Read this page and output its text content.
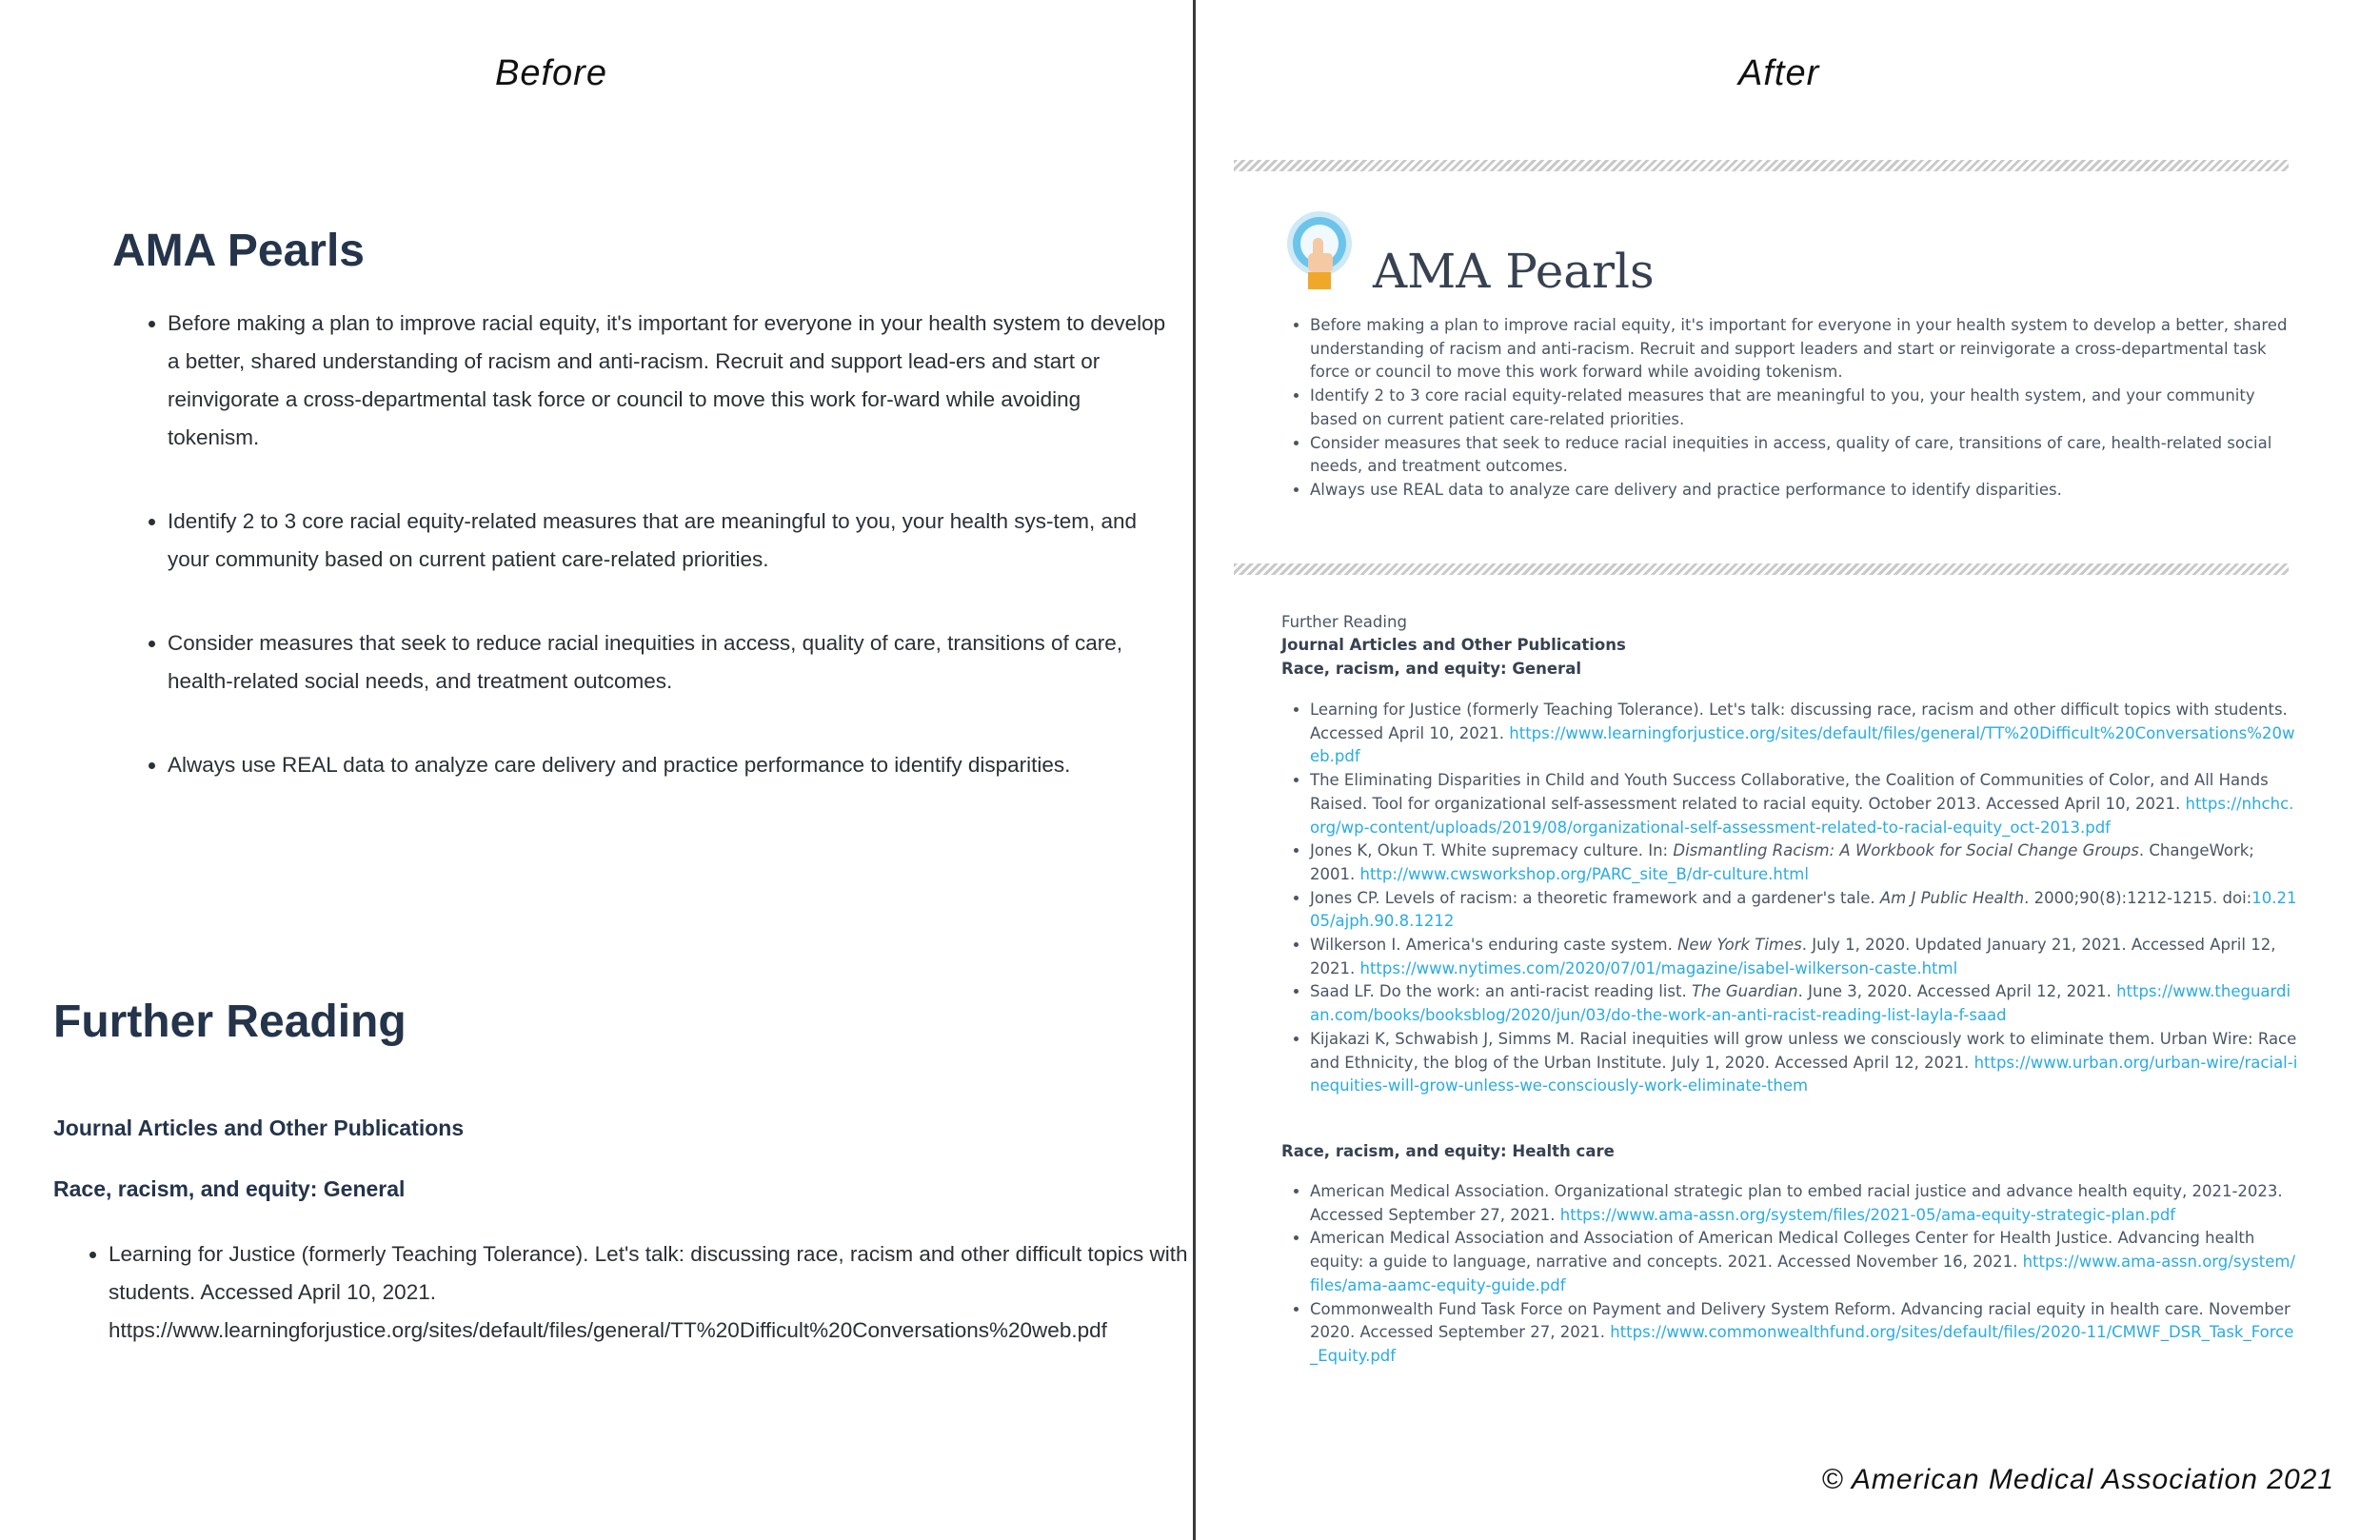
Before	After
AMA Pearls
• Before making a plan to improve racial equity, it's important for everyone in your health system to develop a better, shared understanding of racism and anti-racism. Recruit and support lead-ers and start or reinvigorate a cross-departmental task force or council to move this work for-ward while avoiding tokenism.
• Identify 2 to 3 core racial equity-related measures that are meaningful to you, your health sys-tem, and your community based on current patient care-related priorities.
• Consider measures that seek to reduce racial inequities in access, quality of care, transitions of care, health-related social needs, and treatment outcomes.
• Always use REAL data to analyze care delivery and practice performance to identify disparities.
Further Reading
Journal Articles and Other Publications
Race, racism, and equity: General
• Learning for Justice (formerly Teaching Tolerance). Let's talk: discussing race, racism and other difficult topics with students. Accessed April 10, 2021.
https://www.learningforjustice.org/sites/default/files/general/TT%20Difficult%20Conversations%20web.pdf
AMA Pearls
• Before making a plan to improve racial equity, it's important for everyone in your health system to develop a better, shared understanding of racism and anti-racism. Recruit and support leaders and start or reinvigorate a cross-departmental task force or council to move this work forward while avoiding tokenism.
• Identify 2 to 3 core racial equity-related measures that are meaningful to you, your health system, and your community based on current patient care-related priorities.
• Consider measures that seek to reduce racial inequities in access, quality of care, transitions of care, health-related social needs, and treatment outcomes.
• Always use REAL data to analyze care delivery and practice performance to identify disparities.
Further Reading
Journal Articles and Other Publications
Race, racism, and equity: General
• Learning for Justice (formerly Teaching Tolerance). Let's talk: discussing race, racism and other difficult topics with students. Accessed April 10, 2021. https://www.learningforjustice.org/sites/default/files/general/TT%20Difficult%20Conversations%20web.pdf
• The Eliminating Disparities in Child and Youth Success Collaborative, the Coalition of Communities of Color, and All Hands Raised. Tool for organizational self-assessment related to racial equity. October 2013. Accessed April 10, 2021. https://nhchc.org/wp-content/uploads/2019/08/organizational-self-assessment-related-to-racial-equity_oct-2013.pdf
• Jones K, Okun T. White supremacy culture. In: Dismantling Racism: A Workbook for Social Change Groups. ChangeWork; 2001. http://www.cwsworkshop.org/PARC_site_B/dr-culture.html
• Jones CP. Levels of racism: a theoretic framework and a gardener's tale. Am J Public Health. 2000;90(8):1212-1215. doi:10.2105/ajph.90.8.1212
• Wilkerson I. America's enduring caste system. New York Times. July 1, 2020. Updated January 21, 2021. Accessed April 12, 2021. https://www.nytimes.com/2020/07/01/magazine/isabel-wilkerson-caste.html
• Saad LF. Do the work: an anti-racist reading list. The Guardian. June 3, 2020. Accessed April 12, 2021. https://www.theguardian.com/books/booksblog/2020/jun/03/do-the-work-an-anti-racist-reading-list-layla-f-saad
• Kijakazi K, Schwabish J, Simms M. Racial inequities will grow unless we consciously work to eliminate them. Urban Wire: Race and Ethnicity, the blog of the Urban Institute. July 1, 2020. Accessed April 12, 2021. https://www.urban.org/urban-wire/racial-inequities-will-grow-unless-we-consciously-work-eliminate-them
Race, racism, and equity: Health care
• American Medical Association. Organizational strategic plan to embed racial justice and advance health equity, 2021-2023. Accessed September 27, 2021. https://www.ama-assn.org/system/files/2021-05/ama-equity-strategic-plan.pdf
• American Medical Association and Association of American Medical Colleges Center for Health Justice. Advancing health equity: a guide to language, narrative and concepts. 2021. Accessed November 16, 2021. https://www.ama-assn.org/system/files/ama-aamc-equity-guide.pdf
• Commonwealth Fund Task Force on Payment and Delivery System Reform. Advancing racial equity in health care. November 2020. Accessed September 27, 2021. https://www.commonwealthfund.org/sites/default/files/2020-11/CMWF_DSR_Task_Force_Equity.pdf
© American Medical Association 2021
